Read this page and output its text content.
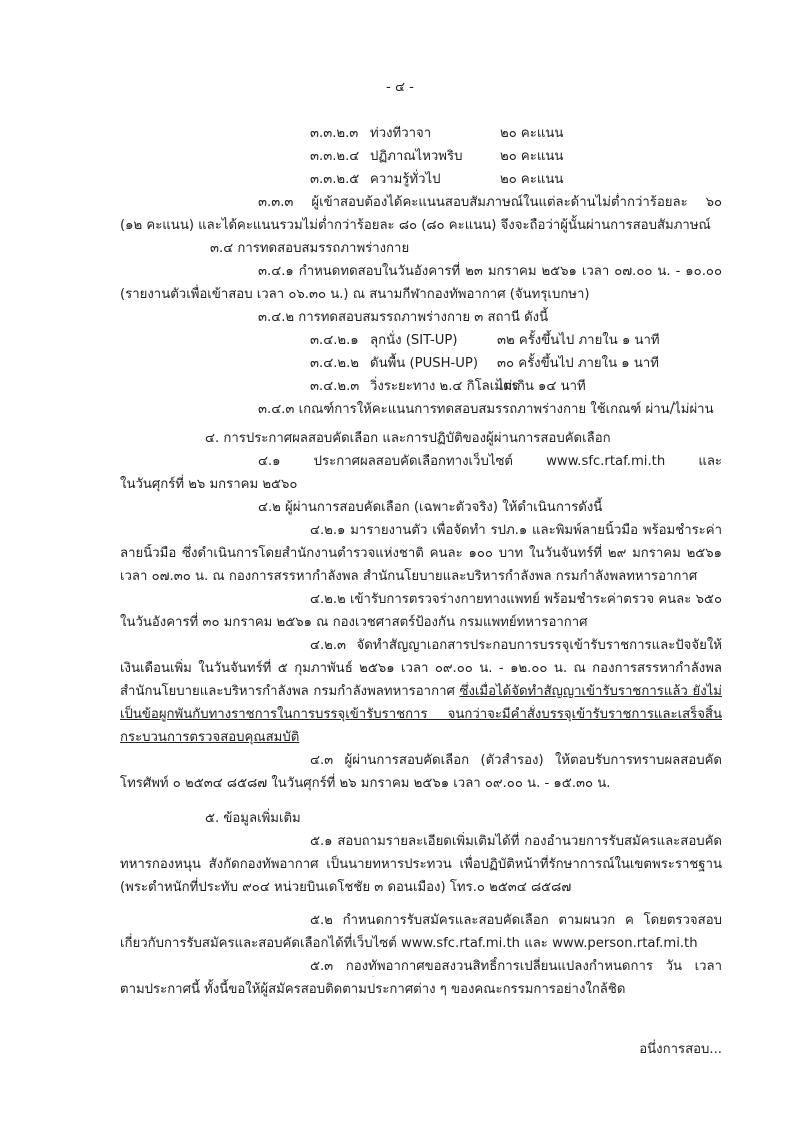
- ๔ -
๓.๓.๒.๓ ท่วงทีวาจา	๒๐ คะแนน
๓.๓.๒.๔ ปฏิภาณไหวพริบ	๒๐ คะแนน
๓.๓.๒.๕ ความรู้ทั่วไป	๒๐ คะแนน
๓.๓.๓ ผู้เข้าสอบต้องได้คะแนนสอบสัมภาษณ์ในแต่ละด้านไม่ต่ำกว่าร้อยละ ๖๐
(๑๒ คะแนน) และได้คะแนนรวมไม่ต่ำกว่าร้อยละ ๘๐ (๘๐ คะแนน) จึงจะถือว่าผู้นั้นผ่านการสอบสัมภาษณ์
๓.๔ การทดสอบสมรรถภาพร่างกาย
๓.๔.๑ กำหนดทดสอบในวันอังคารที่ ๒๓ มกราคม ๒๕๖๑ เวลา ๐๗.๐๐ น. - ๑๐.๐๐
(รายงานตัวเพื่อเข้าสอบ เวลา ๐๖.๓๐ น.) ณ สนามกีฬากองทัพอากาศ (จันทรุเบกษา)
๓.๔.๒ การทดสอบสมรรถภาพร่างกาย ๓ สถานี ดังนี้
๓.๔.๒.๑ ลุกนั่ง (SIT-UP)	๓๒ ครั้งขึ้นไป ภายใน ๑ นาที
๓.๔.๒.๒ ดันพื้น (PUSH-UP) ๓๐ ครั้งขึ้นไป ภายใน ๑ นาที
๓.๔.๒.๓ วิ่งระยะทาง ๒.๔ กิโลเมตร
ไม่เกิน ๑๔ นาที
๓.๔.๓ เกณฑ์การให้คะแนนการทดสอบสมรรถภาพร่างกาย ใช้เกณฑ์ ผ่าน/ไม่ผ่าน
๔. การประกาศผลสอบคัดเลือก และการปฏิบัติของผู้ผ่านการสอบคัดเลือก
๔.๑ ประกาศผลสอบคัดเลือกทางเว็บไซต์ www.sfc.rtaf.mi.th และ
ในวันศุกร์ที่ ๒๖ มกราคม ๒๕๖๐
๔.๒ ผู้ผ่านการสอบคัดเลือก (เฉพาะตัวจริง) ให้ดำเนินการดังนี้
๔.๒.๑ มารายงานตัว เพื่อจัดทำ รปภ.๑ และพิมพ์ลายนิ้วมือ พร้อมชำระค่า
ลายนิ้วมือ ซึ่งดำเนินการโดยสำนักงานตำรวจแห่งชาติ คนละ ๑๐๐ บาท ในวันจันทร์ที่ ๒๙ มกราคม ๒๕๖๑
เวลา ๐๗.๓๐ น. ณ กองการสรรหากำลังพล สำนักนโยบายและบริหารกำลังพล กรมกำลังพลทหารอากาศ
๔.๒.๒ เข้ารับการตรวจร่างกายทางแพทย์ พร้อมชำระค่าตรวจ คนละ ๖๕๐
ในวันอังคารที่ ๓๐ มกราคม ๒๕๖๑ ณ กองเวชศาสตร์ป้องกัน กรมแพทย์ทหารอากาศ
๔.๒.๓ จัดทำสัญญาเอกสารประกอบการบรรจุเข้ารับราชการและปัจจัยให้
เงินเดือนเพิ่ม ในวันจันทร์ที่ ๕ กุมภาพันธ์ ๒๕๖๑ เวลา ๐๙.๐๐ น. - ๑๒.๐๐ น. ณ กองการสรรหากำลังพล
สำนักนโยบายและบริหารกำลังพล กรมกำลังพลทหารอากาศ ซึ่งเมื่อได้จัดทำสัญญาเข้ารับราชการแล้ว ยังไม่
เป็นข้อผูกพันกับทางราชการในการบรรจุเข้ารับราชการ จนกว่าจะมีคำสั่งบรรจุเข้ารับราชการและเสร็จสิ้น
กระบวนการตรวจสอบคุณสมบัติ
๔.๓ ผู้ผ่านการสอบคัดเลือก (ตัวสำรอง) ให้ตอบรับการทราบผลสอบคัด
โทรศัพท์ ๐ ๒๕๓๔ ๘๕๘๗ ในวันศุกร์ที่ ๒๖ มกราคม ๒๕๖๑ เวลา ๐๙.๐๐ น. - ๑๕.๓๐ น.
๕. ข้อมูลเพิ่มเติม
๕.๑ สอบถามรายละเอียดเพิ่มเติมได้ที่ กองอำนวยการรับสมัครและสอบคัด
ทหารกองหนุน สังกัดกองทัพอากาศ เป็นนายทหารประทวน เพื่อปฏิบัติหน้าที่รักษาการณ์ในเขตพระราชฐาน
(พระตำหนักที่ประทับ ๙๐๔ หน่วยบินเดโชชัย ๓ ดอนเมือง) โทร.๐ ๒๕๓๔ ๘๕๘๗
๕.๒ กำหนดการรับสมัครและสอบคัดเลือก ตามผนวก ค โดยตรวจสอบ
เกี่ยวกับการรับสมัครและสอบคัดเลือกได้ที่เว็บไซต์ www.sfc.rtaf.mi.th และ www.person.rtaf.mi.th
๕.๓ กองทัพอากาศขอสงวนสิทธิ์การเปลี่ยนแปลงกำหนดการ วัน เวลา
ตามประกาศนี้ ทั้งนี้ขอให้ผู้สมัครสอบติดตามประกาศต่าง ๆ ของคณะกรรมการอย่างใกล้ชิด
อนึ่งการสอบ...
